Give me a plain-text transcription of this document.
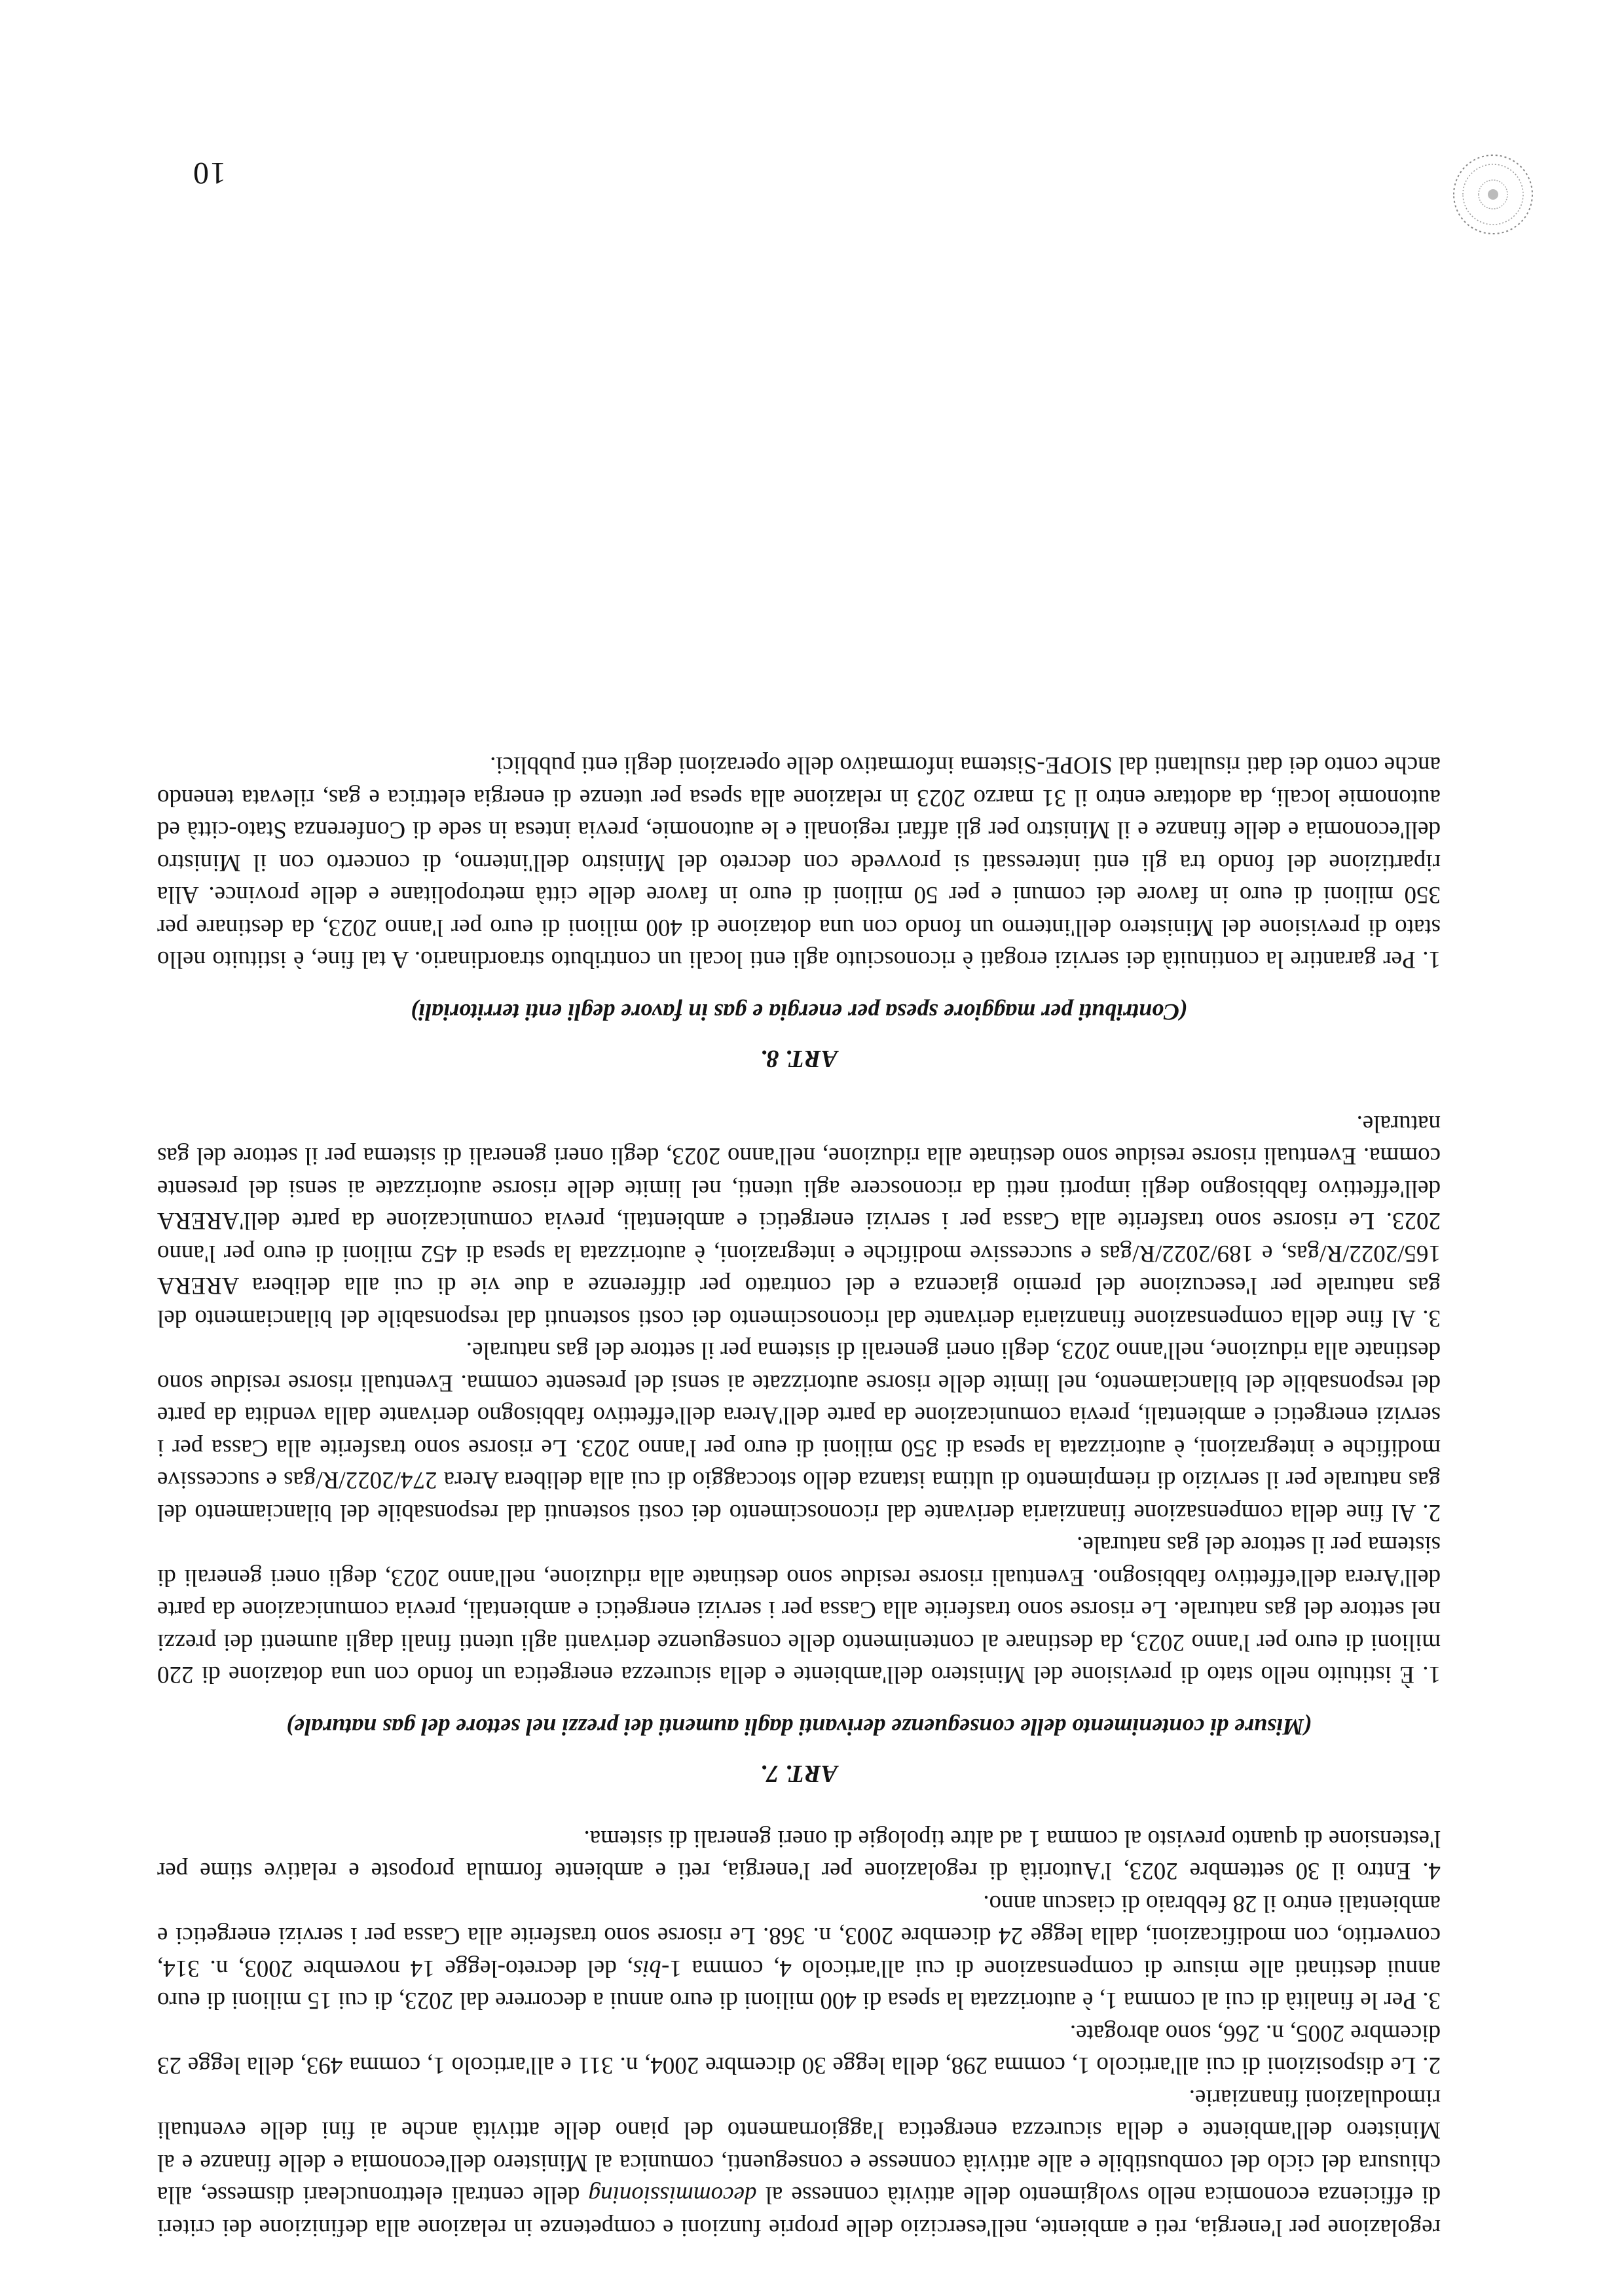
regolazione per l'energia, reti e ambiente, nell'esercizio delle proprie funzioni e competenze in relazione alla definizione dei criteri di efficienza economica nello svolgimento delle attività connesse al decommissioning delle centrali elettronucleari dismesse, alla chiusura del ciclo del combustibile e alle attività connesse e conseguenti, comunica al Ministero dell'economia e delle finanze e al Ministero dell'ambiente e della sicurezza energetica l'aggiornamento del piano delle attività anche ai fini delle eventuali rimodulazioni finanziarie.

2. Le disposizioni di cui all'articolo 1, comma 298, della legge 30 dicembre 2004, n. 311 e all'articolo 1, comma 493, della legge 23 dicembre 2005, n. 266, sono abrogate.

3. Per le finalità di cui al comma 1, è autorizzata la spesa di 400 milioni di euro annui a decorrere dal 2023, di cui 15 milioni di euro annui destinati alle misure di compensazione di cui all'articolo 4, comma 1-bis, del decreto-legge 14 novembre 2003, n. 314, convertito, con modificazioni, dalla legge 24 dicembre 2003, n. 368. Le risorse sono trasferite alla Cassa per i servizi energetici e ambientali entro il 28 febbraio di ciascun anno.

4. Entro il 30 settembre 2023, l'Autorità di regolazione per l'energia, reti e ambiente formula proposte e relative stime per l'estensione di quanto previsto al comma 1 ad altre tipologie di oneri generali di sistema.

ART. 7.
(Misure di contenimento delle conseguenze derivanti dagli aumenti dei prezzi nel settore del gas naturale)

1. È istituito nello stato di previsione del Ministero dell'ambiente e della sicurezza energetica un fondo con una dotazione di 220 milioni di euro per l'anno 2023, da destinare al contenimento delle conseguenze derivanti agli utenti finali dagli aumenti dei prezzi nel settore del gas naturale. Le risorse sono trasferite alla Cassa per i servizi energetici e ambientali, previa comunicazione da parte dell'Arera dell'effettivo fabbisogno. Eventuali risorse residue sono destinate alla riduzione, nell'anno 2023, degli oneri generali di sistema per il settore del gas naturale.

2. Al fine della compensazione finanziaria derivante dal riconoscimento dei costi sostenuti dal responsabile del bilanciamento del gas naturale per il servizio di riempimento di ultima istanza dello stoccaggio di cui alla delibera Arera 274/2022/R/gas e successive modifiche e integrazioni, è autorizzata la spesa di 350 milioni di euro per l'anno 2023. Le risorse sono trasferite alla Cassa per i servizi energetici e ambientali, previa comunicazione da parte dell'Arera dell'effettivo fabbisogno derivante dalla vendita da parte del responsabile del bilanciamento, nel limite delle risorse autorizzate ai sensi del presente comma. Eventuali risorse residue sono destinate alla riduzione, nell'anno 2023, degli oneri generali di sistema per il settore del gas naturale.

3. Al fine della compensazione finanziaria derivante dal riconoscimento dei costi sostenuti dal responsabile del bilanciamento del gas naturale per l'esecuzione del premio giacenza e del contratto per differenze a due vie di cui alla delibera ARERA 165/2022/R/gas, e 189/2022/R/gas e successive modifiche e integrazioni, è autorizzata la spesa di 452 milioni di euro per l'anno 2023. Le risorse sono trasferite alla Cassa per i servizi energetici e ambientali, previa comunicazione da parte dell'ARERA dell'effettivo fabbisogno degli importi netti da riconoscere agli utenti, nel limite delle risorse autorizzate ai sensi del presente comma. Eventuali risorse residue sono destinate alla riduzione, nell'anno 2023, degli oneri generali di sistema per il settore del gas naturale.

ART. 8.
(Contributi per maggiore spesa per energia e gas in favore degli enti territoriali)

1. Per garantire la continuità dei servizi erogati è riconosciuto agli enti locali un contributo straordinario. A tal fine, è istituito nello stato di previsione del Ministero dell'interno un fondo con una dotazione di 400 milioni di euro per l'anno 2023, da destinare per 350 milioni di euro in favore dei comuni e per 50 milioni di euro in favore delle città metropolitane e delle province. Alla ripartizione del fondo tra gli enti interessati si provvede con decreto del Ministro dell'interno, di concerto con il Ministro dell'economia e delle finanze e il Ministro per gli affari regionali e le autonomie, previa intesa in sede di Conferenza Stato-città ed autonomie locali, da adottare entro il 31 marzo 2023 in relazione alla spesa per utenze di energia elettrica e gas, rilevata tenendo anche conto dei dati risultanti dal SIOPE-Sistema informativo delle operazioni degli enti pubblici.

10
